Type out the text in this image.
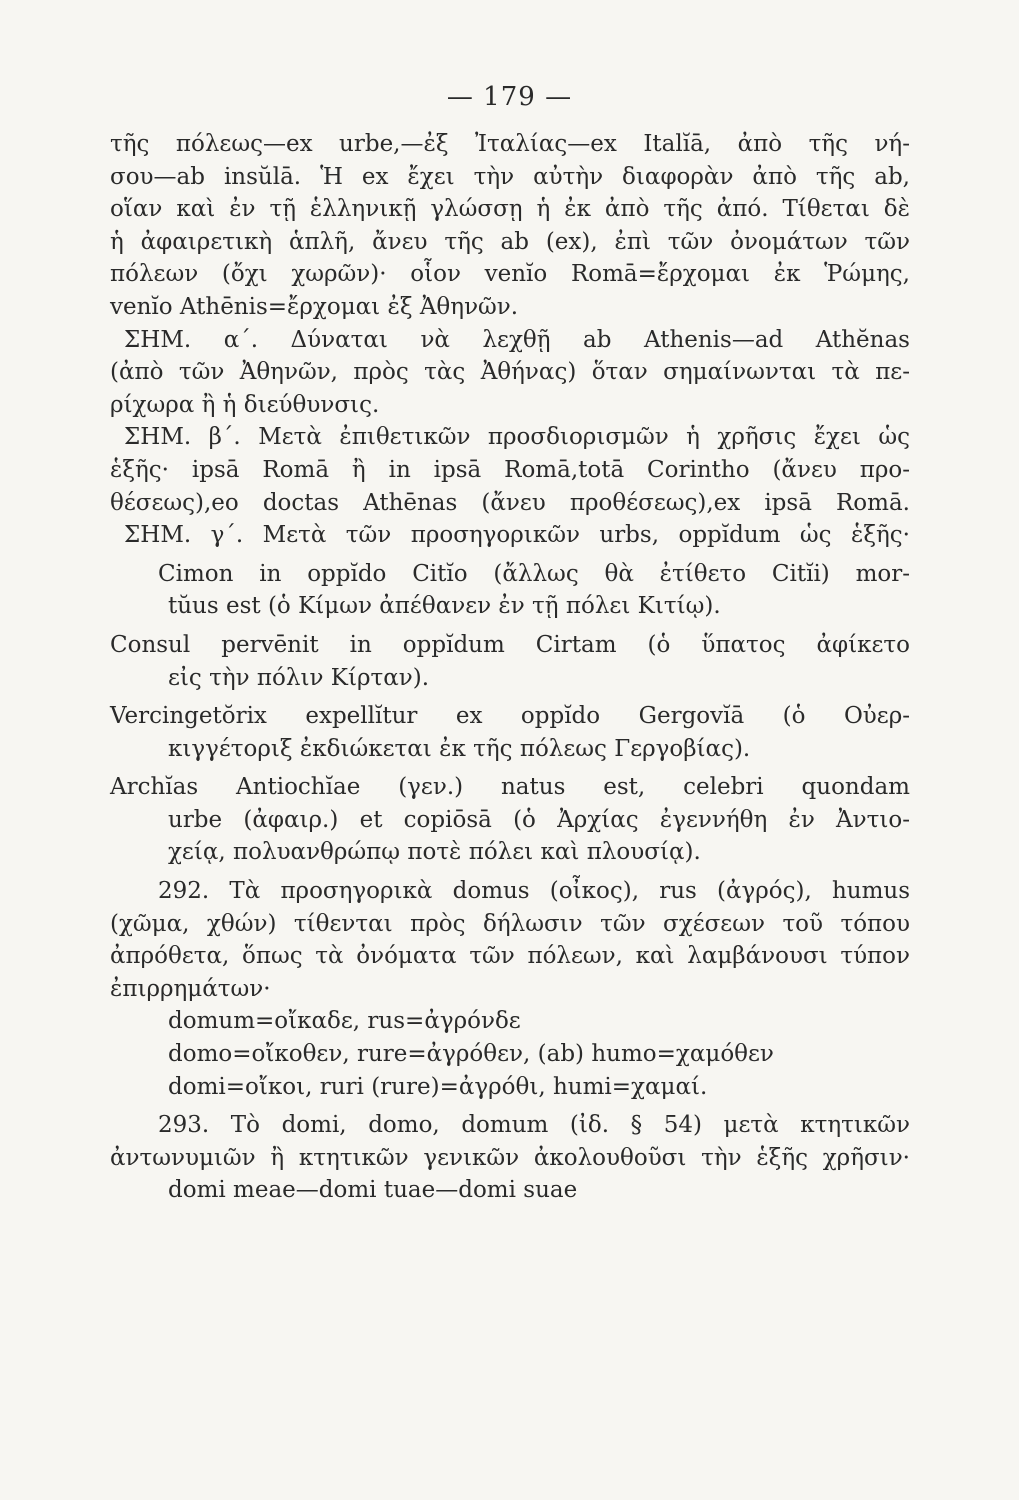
— 179 —
τῆς πόλεως—ex urbe,—ἐξ Ἰταλίας—ex Italĭā, ἀπὸ τῆς νή-
σου—ab insŭlā. Ἡ ex ἔχει τὴν αὐτὴν διαφορὰν ἀπὸ τῆς ab,
οἵαν καὶ ἐν τῇ ἑλληνικῇ γλώσσῃ ἡ ἐκ ἀπὸ τῆς ἀπό. Τίθεται δὲ
ἡ ἀφαιρετικὴ ἁπλῆ, ἄνευ τῆς ab (ex), ἐπὶ τῶν ὀνομάτων τῶν
πόλεων (ὄχι χωρῶν)· οἷον venĭo Romā=ἔρχομαι ἐκ Ῥώμης,
venĭo Athēnis=ἔρχομαι ἐξ Ἀθηνῶν.
ΣΗΜ. α΄. Δύναται νὰ λεχθῇ ab Athenis—ad Athĕnas
(ἀπὸ τῶν Ἀθηνῶν, πρὸς τὰς Ἀθήνας) ὅταν σημαίνωνται τὰ πε-
ρίχωρα ἢ ἡ διεύθυνσις.
ΣΗΜ. β΄. Μετὰ ἐπιθετικῶν προσδιορισμῶν ἡ χρῆσις ἔχει ὡς
ἑξῆς· ipsā Romā ἢ in ipsā Romā,totā Corintho (ἄνευ προ-
θέσεως),eo doctas Athēnas (ἄνευ προθέσεως),ex ipsā Romā.
ΣΗΜ. γ΄. Μετὰ τῶν προσηγορικῶν urbs, oppĭdum ὡς ἑξῆς·
Cimon in oppĭdo Citĭo (ἄλλως θὰ ἐτίθετο Citĭi) mor-
tŭus est (ὁ Κίμων ἀπέθανεν ἐν τῇ πόλει Κιτίῳ).
Consul pervēnit in oppĭdum Cirtam (ὁ ὕπατος ἀφίκετο
εἰς τὴν πόλιν Κίρταν).
Vercingetŏrix expellĭtur ex oppĭdo Gergovĭā (ὁ Οὐερ-
κιγγέτοριξ ἐκδιώκεται ἐκ τῆς πόλεως Γεργοβίας).
Archĭas Antiochĭae (γεν.) natus est, celebri quondam
urbe (ἀφαιρ.) et copiōsā (ὁ Ἀρχίας ἐγεννήθη ἐν Ἀντιο-
χείᾳ, πολυανθρώπῳ ποτὲ πόλει καὶ πλουσίᾳ).
292. Τὰ προσηγορικὰ domus (οἶκος), rus (ἀγρός), humus
(χῶμα, χθών) τίθενται πρὸς δήλωσιν τῶν σχέσεων τοῦ τόπου
ἀπρόθετα, ὅπως τὰ ὀνόματα τῶν πόλεων, καὶ λαμβάνουσι τύπον
ἐπιρρημάτων·
domum=οἴκαδε, rus=ἀγρόνδε
domo=οἴκοθεν, rure=ἀγρόθεν, (ab) humo=χαμόθεν
domi=οἴκοι, ruri (rure)=ἀγρόθι, humi=χαμαί.
293. Τὸ domi, domo, domum (ἰδ. § 54) μετὰ κτητικῶν
ἀντωνυμιῶν ἢ κτητικῶν γενικῶν ἀκολουθοῦσι τὴν ἑξῆς χρῆσιν·
domi meae—domi tuae—domi suae
